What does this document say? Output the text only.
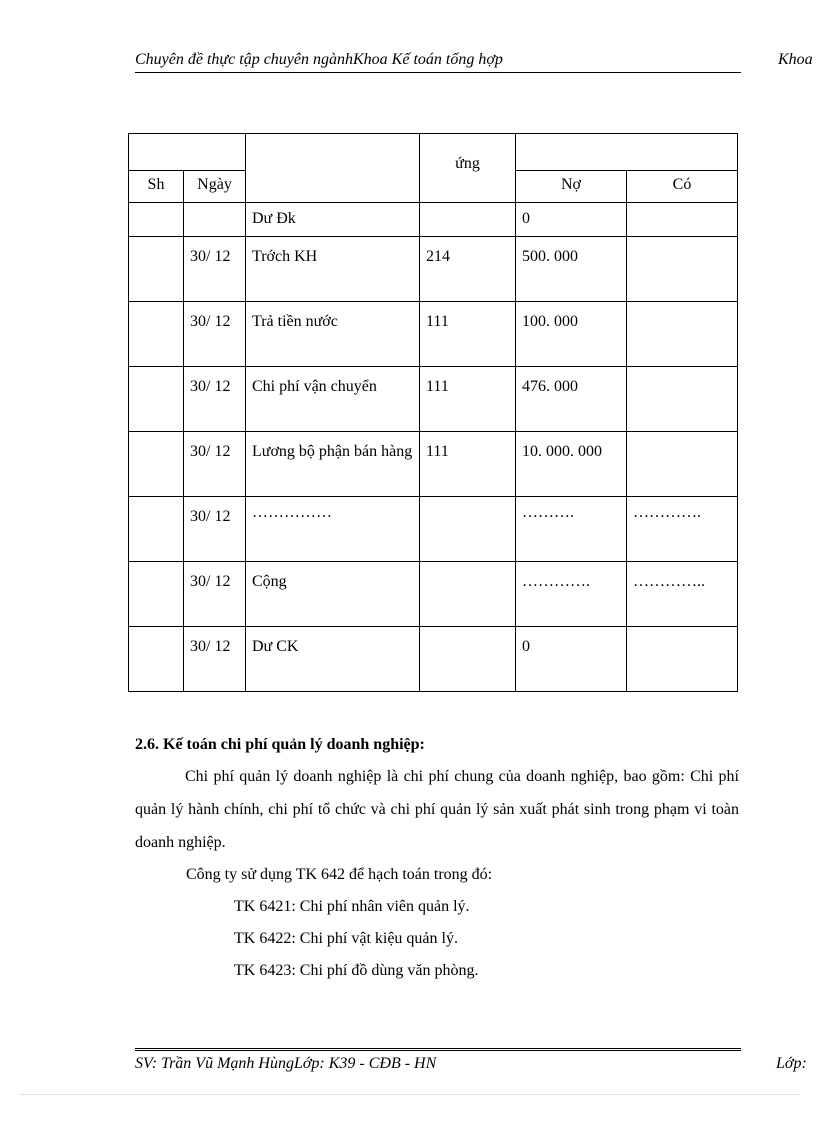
Chuyên đề thực tập chuyên ngànhKhoa Kế toán tổng hợp	Khoa
			ứng		
Sh	Ngày			Nợ	Có
		Dư Đk		0	
	30/ 12	Trớch KH	214	500. 000	
	30/ 12	Trả tiền nước	111	100. 000	
	30/ 12	Chi phí vận chuyển	111	476. 000	
	30/ 12	Lương bộ phận bán hàng	111	10. 000. 000	
	30/ 12	……………		……….	………….
	30/ 12	Cộng		………….	…………..
	30/ 12	Dư CK		0	
2.6. Kế toán chi phí quản lý doanh nghiệp:
Chi phí quản lý doanh nghiệp là chi phí chung của doanh nghiệp, bao gồm: Chi phí quản lý hành chính, chi phí tổ chức và chi phí quản lý sản xuất phát sinh trong phạm vi toàn doanh nghiệp.
Công ty sử dụng TK 642 để hạch toán trong đó:
TK 6421: Chi phí nhân viên quản lý.
TK 6422: Chi phí vật kiệu quản lý.
TK 6423: Chi phí đồ dùng văn phòng.
SV: Trần Vũ Mạnh HùngLớp: K39 - CĐB - HN	Lớp:
